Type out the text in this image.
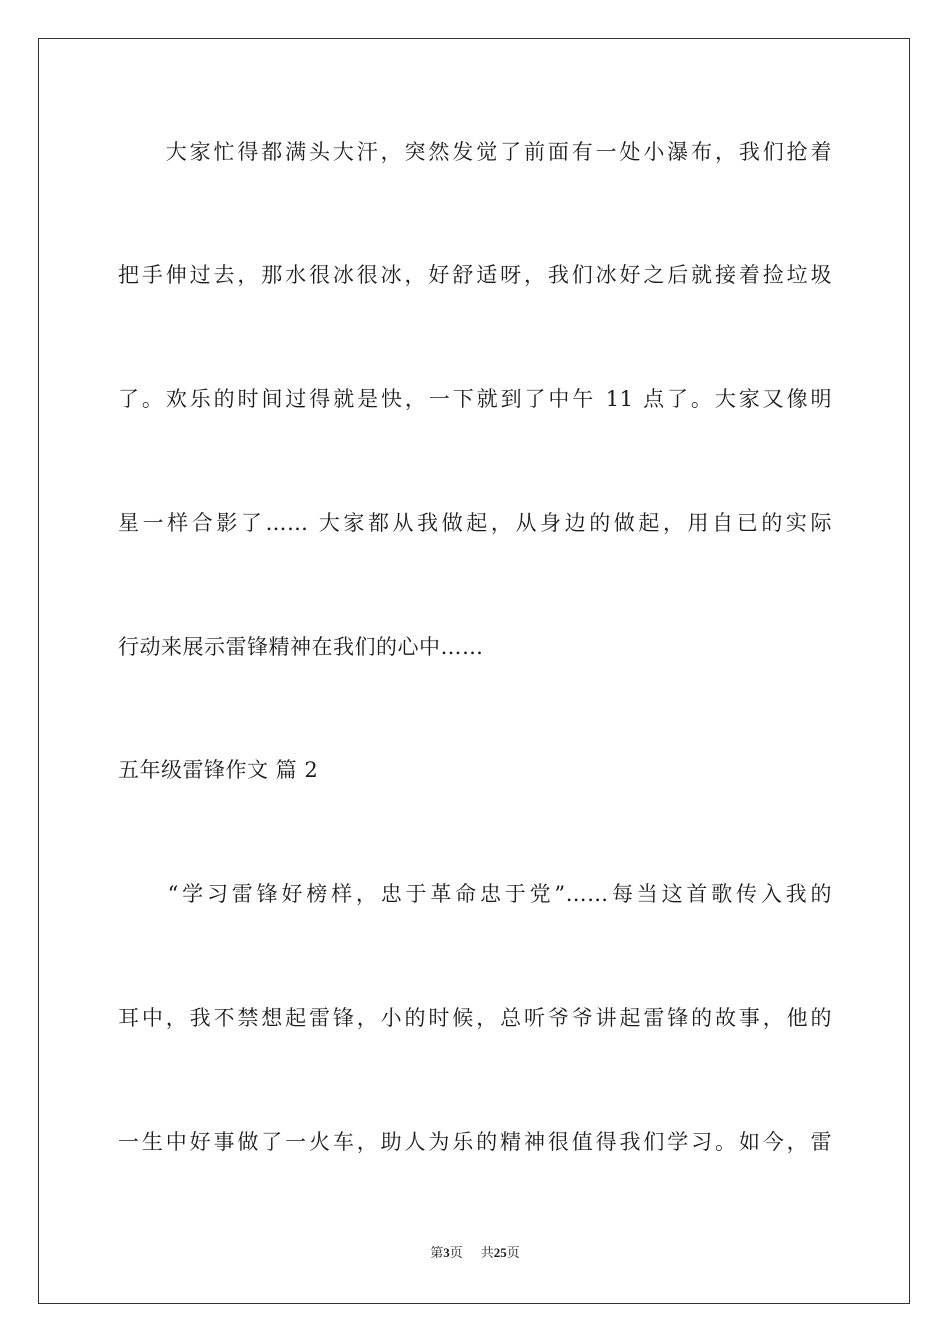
　　大家忙得都满头大汗，突然发觉了前面有一处小瀑布，我们抢着
把手伸过去，那水很冰很冰，好舒适呀，我们冰好之后就接着捡垃圾
了。欢乐的时间过得就是快，一下就到了中午 11 点了。大家又像明
星一样合影了…… 大家都从我做起，从身边的做起，用自已的实际
行动来展示雷锋精神在我们的心中……
五年级雷锋作文 篇 2
　　“学习雷锋好榜样，忠于革命忠于党”……每当这首歌传入我的
耳中，我不禁想起雷锋，小的时候，总听爷爷讲起雷锋的故事，他的
一生中好事做了一火车，助人为乐的精神很值得我们学习。如今，雷
第3页 共25页
